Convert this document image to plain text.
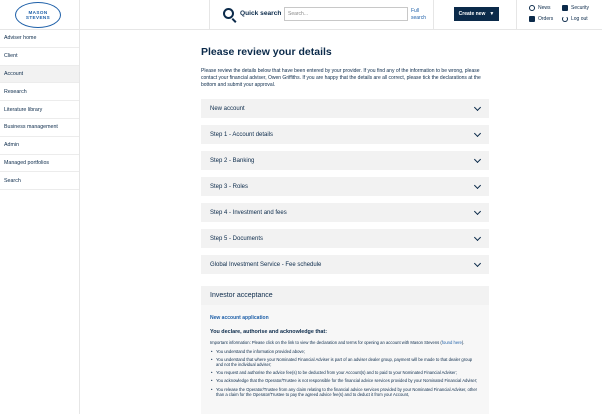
MASON
STEVENS
Quick search
Search...	Full search
Create new ▼
News	Security
Orders	Log out
Adviser home
Client
Account
Research
Literature library
Business management
Admin
Managed portfolios
Search
Please review your details

Please review the details below that have been entered by your provider. If you find any of the information to be wrong, please contact your financial adviser, Owen Griffiths. If you are happy that the details are all correct, please tick the declarations at the bottom and submit your approval.

New account
Step 1 - Account details
Step 2 - Banking
Step 3 - Roles
Step 4 - Investment and fees
Step 5 - Documents
Global Investment Service - Fee schedule
Investor acceptance
New account application
You declare, authorise and acknowledge that:

Important information: Please click on the link to view the declaration and terms for opening an account with Mason Stevens (found here).

• You understand the information provided above;
• You understand that where your Nominated Financial Adviser is part of an adviser dealer group, payment will be made to that dealer group and not the individual adviser;
• You request and authorise the advice fee(s) to be deducted from your Account(s) and to paid to your Nominated Financial Adviser;
• You acknowledge that the Operator/Trustee is not responsible for the financial advice services provided by your Nominated Financial Adviser;
• You release the Operator/Trustee from any claim relating to the financial advice services provided by your Nominated Financial Adviser, other than a claim for the Operator/Trustee to pay the agreed advice fee(s) and to deduct it from your Account,
